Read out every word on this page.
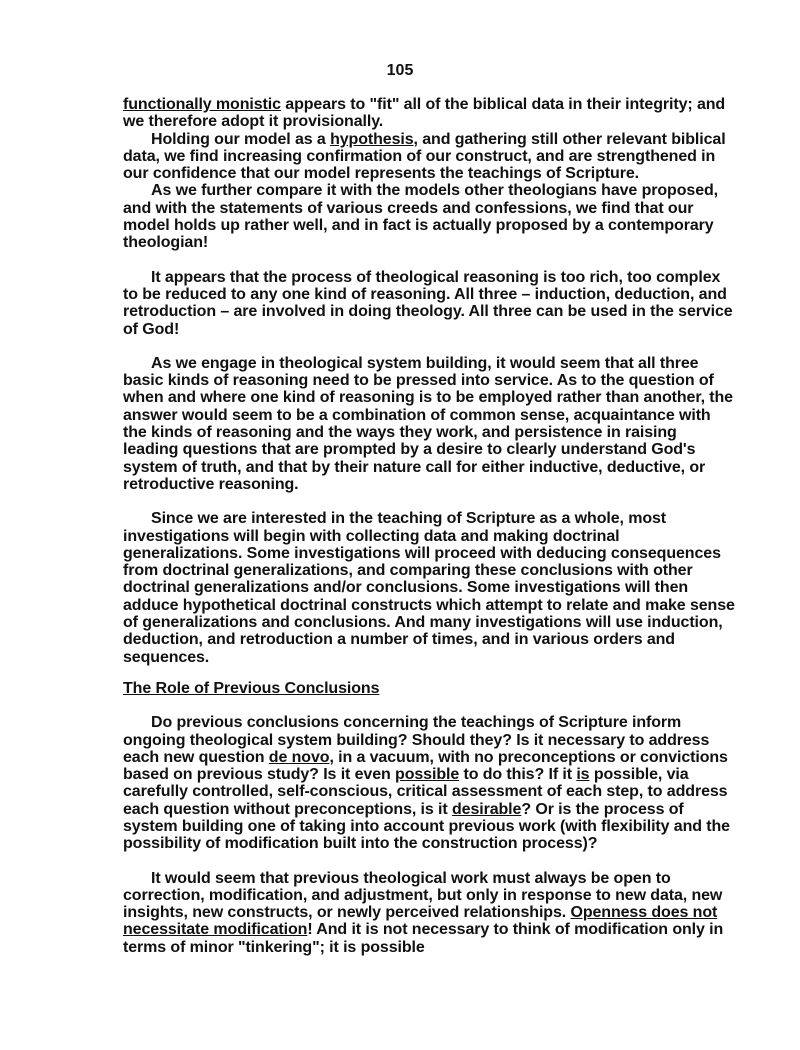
105

functionally monistic appears to "fit" all of the biblical data in their integrity; and we therefore adopt it provisionally.

Holding our model as a hypothesis, and gathering still other relevant biblical data, we find increasing confirmation of our construct, and are strengthened in our confidence that our model represents the teachings of Scripture.

As we further compare it with the models other theologians have proposed, and with the statements of various creeds and confessions, we find that our model holds up rather well, and in fact is actually proposed by a contemporary theologian!

It appears that the process of theological reasoning is too rich, too complex to be reduced to any one kind of reasoning. All three – induction, deduction, and retroduction – are involved in doing theology. All three can be used in the service of God!

As we engage in theological system building, it would seem that all three basic kinds of reasoning need to be pressed into service. As to the question of when and where one kind of reasoning is to be employed rather than another, the answer would seem to be a combination of common sense, acquaintance with the kinds of reasoning and the ways they work, and persistence in raising leading questions that are prompted by a desire to clearly understand God's system of truth, and that by their nature call for either inductive, deductive, or retroductive reasoning.

Since we are interested in the teaching of Scripture as a whole, most investigations will begin with collecting data and making doctrinal generalizations. Some investigations will proceed with deducing consequences from doctrinal generalizations, and comparing these conclusions with other doctrinal generalizations and/or conclusions. Some investigations will then adduce hypothetical doctrinal constructs which attempt to relate and make sense of generalizations and conclusions. And many investigations will use induction, deduction, and retroduction a number of times, and in various orders and sequences.

The Role of Previous Conclusions

Do previous conclusions concerning the teachings of Scripture inform ongoing theological system building? Should they? Is it necessary to address each new question de novo, in a vacuum, with no preconceptions or convictions based on previous study? Is it even possible to do this? If it is possible, via carefully controlled, self-conscious, critical assessment of each step, to address each question without preconceptions, is it desirable? Or is the process of system building one of taking into account previous work (with flexibility and the possibility of modification built into the construction process)?

It would seem that previous theological work must always be open to correction, modification, and adjustment, but only in response to new data, new insights, new constructs, or newly perceived relationships. Openness does not necessitate modification! And it is not necessary to think of modification only in terms of minor "tinkering"; it is possible
